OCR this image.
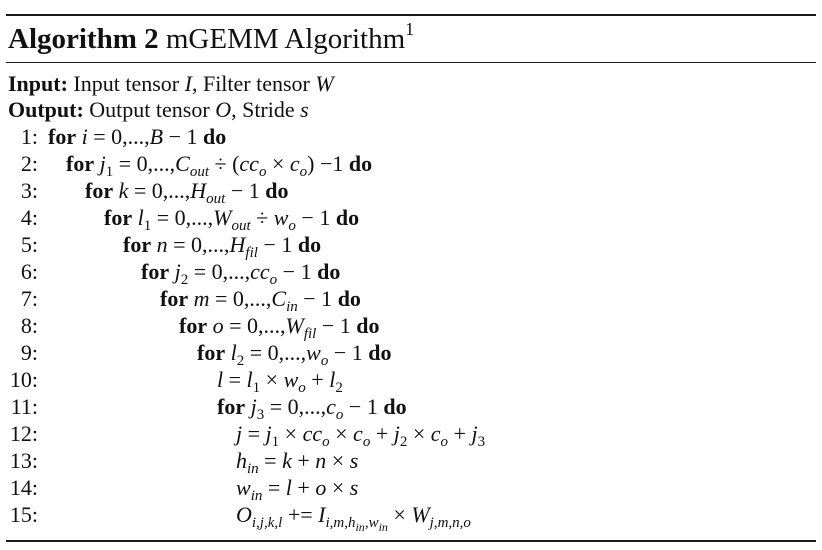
Algorithm 2 mGEMM Algorithm$^1$
Input: Input tensor I, Filter tensor W
Output: Output tensor O, Stride s
1: for i = 0,...,B − 1 do
2: for $j_1 = 0,...,C_{out} \div (cc_o \times c_o) -1$ do
3: for $k = 0,...,H_{out} - 1$ do
4:	for $l_1 = 0,...,W_{out} \div w_o - 1$ do
5:	for $n = 0,...,H_{fil} - 1$ do
6:	for $j_2 = 0,...,cc_o - 1$ do
7:	for $m = 0,...,C_{in} - 1$ do
8:	for $o = 0,...,W_{fil} - 1$ do
9:	for $l_2 = 0,...,w_o - 1$ do
10:	$l = l_1 \times w_o + l_2$
11:	for $j_3 = 0,...,c_o - 1$ do
12:	$j = j_1 \times cc_o \times c_o + j_2 \times c_o + j_3$
13:	$h_{in} = k + n \times s$
14:	$w_{in} = l + o \times s$
15:	$O_{i,j,k,l} += I_{i,m,h_{in},w_{in}} \times W_{j,m,n,o}$
